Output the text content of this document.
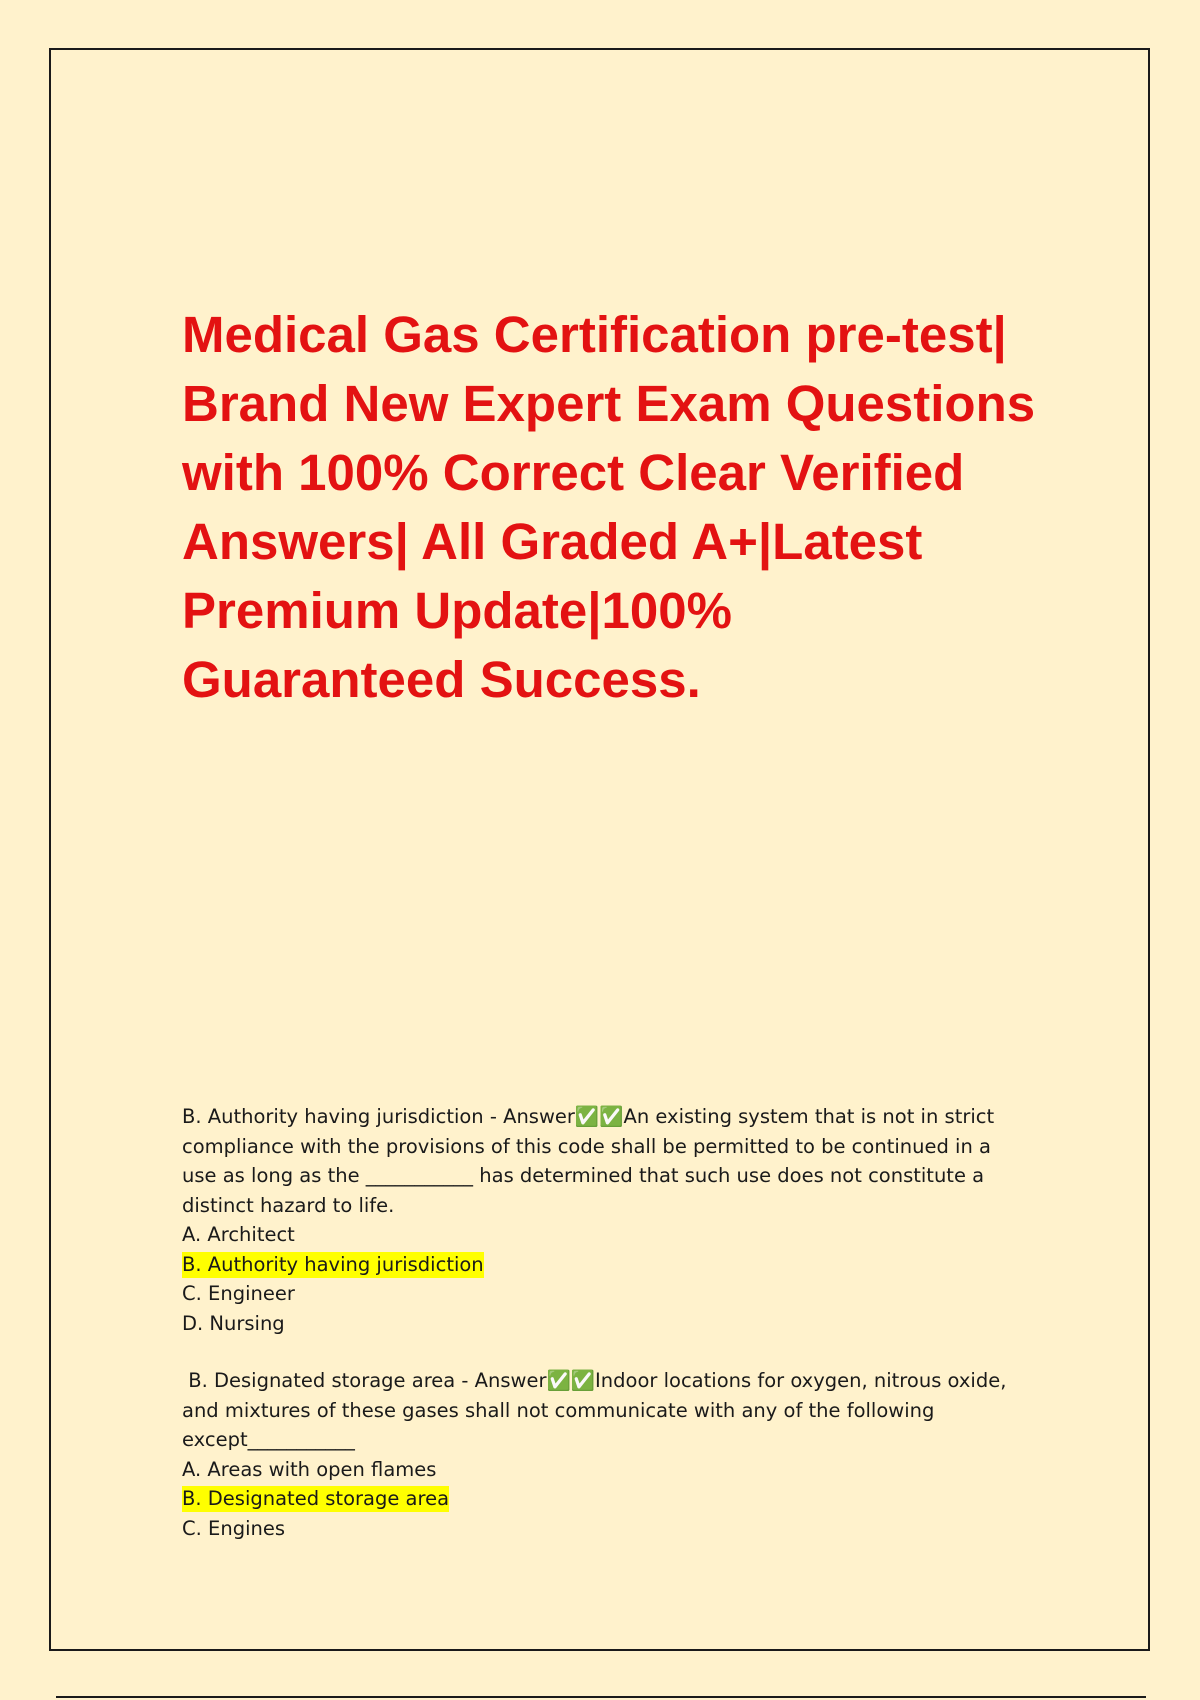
Medical Gas Certification pre-test|
Brand New Expert Exam Questions
with 100% Correct Clear Verified
Answers| All Graded A+|Latest
Premium Update|100%
Guaranteed Success.
B. Authority having jurisdiction - Answer✅✅An existing system that is not in strict
compliance with the provisions of this code shall be permitted to be continued in a
use as long as the ___________ has determined that such use does not constitute a
distinct hazard to life.
A. Architect
B. Authority having jurisdiction
C. Engineer
D. Nursing
B. Designated storage area - Answer✅✅Indoor locations for oxygen, nitrous oxide,
and mixtures of these gases shall not communicate with any of the following
except___________
A. Areas with open flames
B. Designated storage area
C. Engines
